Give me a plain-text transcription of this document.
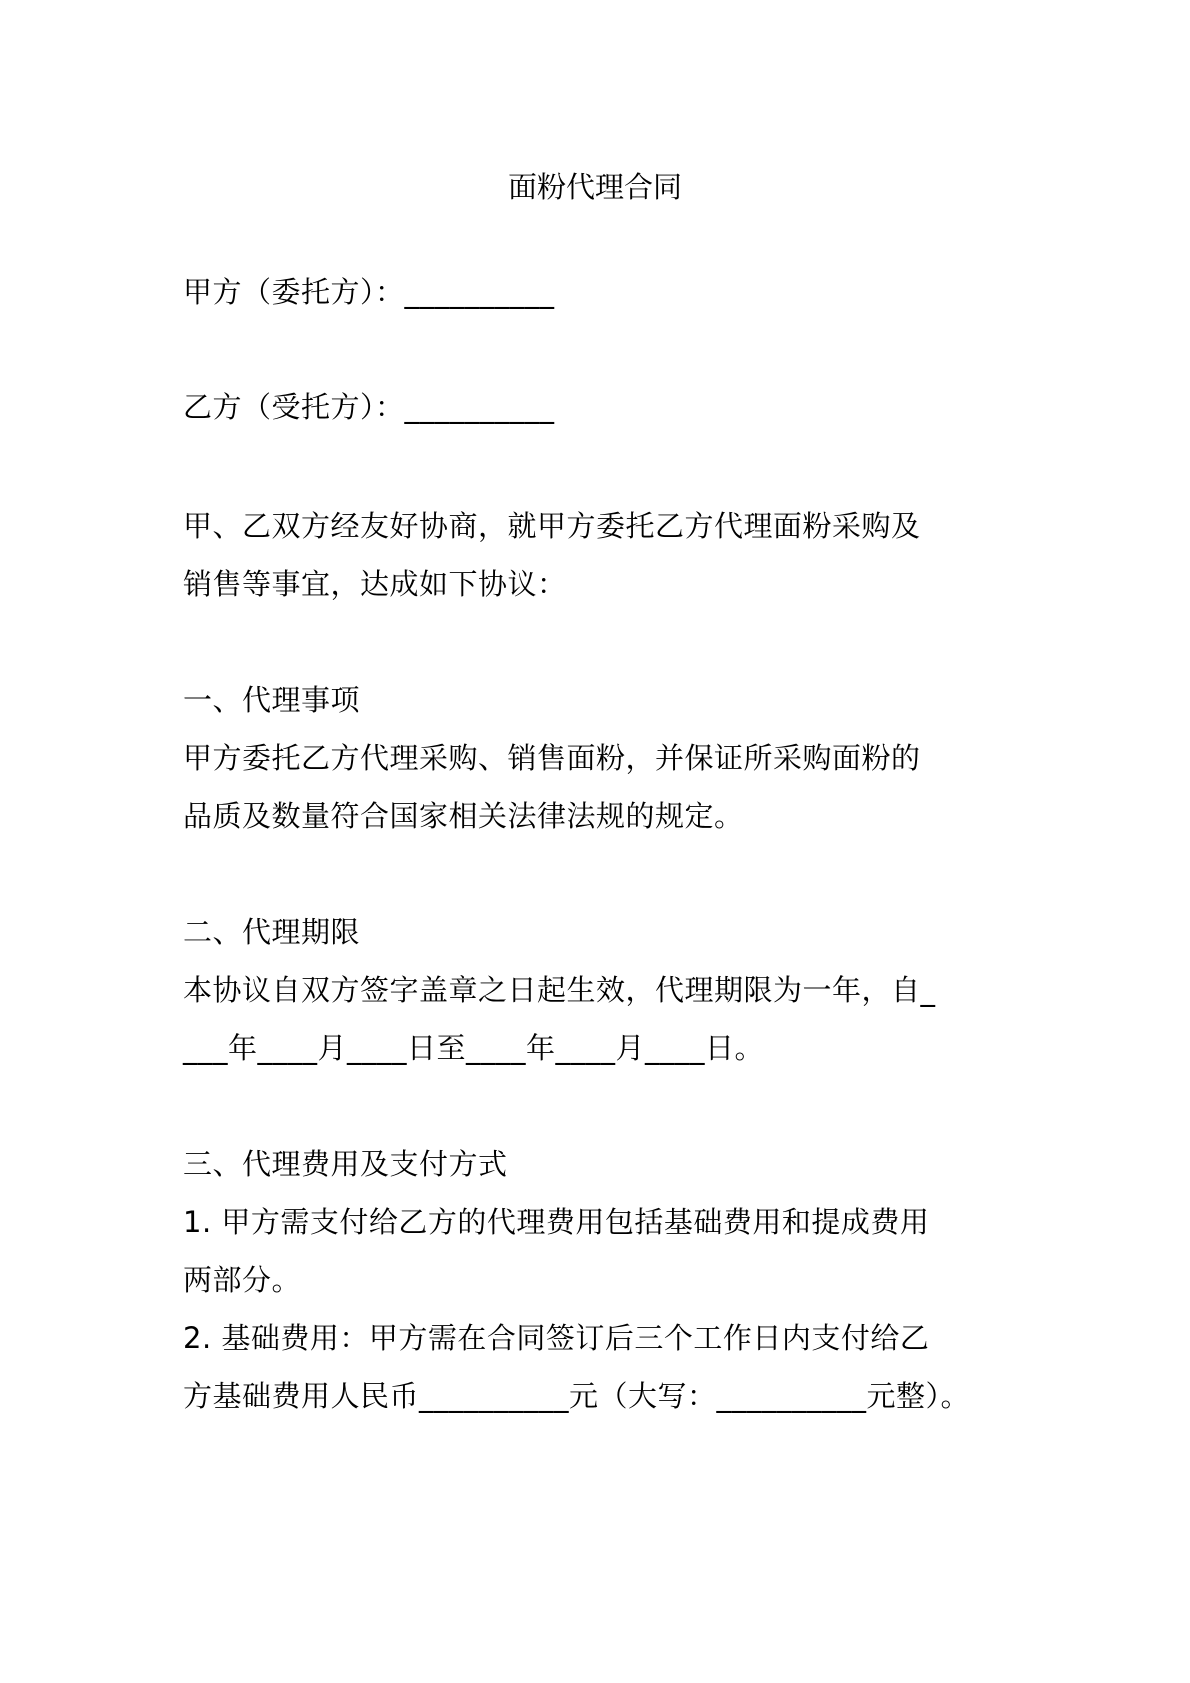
面粉代理合同
甲方（委托方）：__________
乙方（受托方）：__________
甲、乙双方经友好协商，就甲方委托乙方代理面粉采购及
销售等事宜，达成如下协议：
一、代理事项
甲方委托乙方代理采购、销售面粉，并保证所采购面粉的
品质及数量符合国家相关法律法规的规定。
二、代理期限
本协议自双方签字盖章之日起生效，代理期限为一年，自_
___年____月____日至____年____月____日。
三、代理费用及支付方式
1. 甲方需支付给乙方的代理费用包括基础费用和提成费用
两部分。
2. 基础费用：甲方需在合同签订后三个工作日内支付给乙
方基础费用人民币__________元（大写：__________元整）。
